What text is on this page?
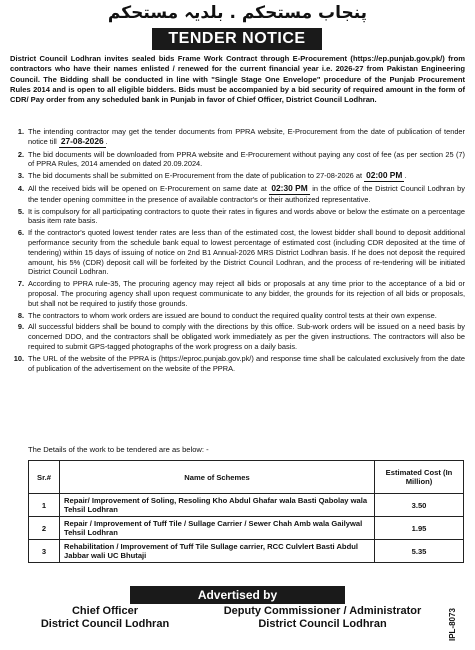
پنجاب مستحکم . بلدیہ مستحکم
TENDER NOTICE
District Council Lodhran invites sealed bids Frame Work Contract through E-Procurement (https://ep.punjab.gov.pk/) from contractors who have their names enlisted / renewed for the current financial year i.e. 2026-27 from Pakistan Engineering Council. The Bidding shall be conducted in line with "Single Stage One Envelope" procedure of the Punjab Procurement Rules 2014 and is open to all eligible bidders. Bids must be accompanied by a bid security of required amount in the form of CDR/ Pay order from any scheduled bank in Punjab in favor of Chief Officer, District Council Lodhran.
1. The intending contractor may get the tender documents from PPRA website, E-Procurement from the date of publication of tender notice till 27-08-2026 .
2. The bid documents will be downloaded from PPRA website and E-Procurement without paying any cost of fee (as per section 25 (7) of PPRA Rules, 2014 amended on dated 20.09.2024.
3. The bid documents shall be submitted on E-Procurement from the date of publication to 27-08-2026 at 02:00 PM .
4. All the received bids will be opened on E-Procurement on same date at 02:30 PM in the office of the District Council Lodhran by the tender opening committee in the presence of available contractor's or their authorized representative.
5. It is compulsory for all participating contractors to quote their rates in figures and words above or below the estimate on a percentage basis item rate basis.
6. If the contractor's quoted lowest tender rates are less than of the estimated cost, the lowest bidder shall bound to deposit additional performance security from the schedule bank equal to lowest percentage of estimated cost (including CDR deposited at the time of tendering) within 15 days of issuing of notice on 2nd B1 Annual-2026 MRS District Lodhran basis. If he does not deposit the required amount, his 5% (CDR) deposit call will be forfeited by the District Council Lodhran, and the process of re-tendering will be initiated District Council Lodhran.
7. According to PPRA rule-35, The procuring agency may reject all bids or proposals at any time prior to the acceptance of a bid or proposal. The procuring agency shall upon request communicate to any bidder, the grounds for its rejection of all bids or proposals, but shall not be required to justify those grounds.
8. The contractors to whom work orders are issued are bound to conduct the required quality control tests at their own expense.
9. All successful bidders shall be bound to comply with the directions by this office. Sub-work orders will be issued on a need basis by concerned DDO, and the contractors shall be obligated work immediately as per the given instructions. The contractors will also be required to submit GPS-tagged photographs of the work progress on a daily basis.
10. The URL of the website of the PPRA is (https://eproc.punjab.gov.pk/) and response time shall be calculated exclusively from the date of publication of the advertisement on the website of the PPRA.
The Details of the work to be tendered are as below: -
Sr.#	Name of Schemes	Estimated Cost (In Million)
1	Repair/ Improvement of Soling, Resoling Kho Abdul Ghafar wala Basti Qabolay wala Tehsil Lodhran	3.50
2	Repair / Improvement of Tuff Tile / Sullage Carrier / Sewer Chah Amb wala Gailywal Tehsil Lodhran	1.95
3	Rehabilitation / Improvement of Tuff Tile Sullage carrier, RCC Culvlert Basti Abdul Jabbar wali UC Bhutaji	5.35
Advertised by
Chief Officer
District Council Lodhran
Deputy Commissioner / Administrator
District Council Lodhran	IPL-8073
